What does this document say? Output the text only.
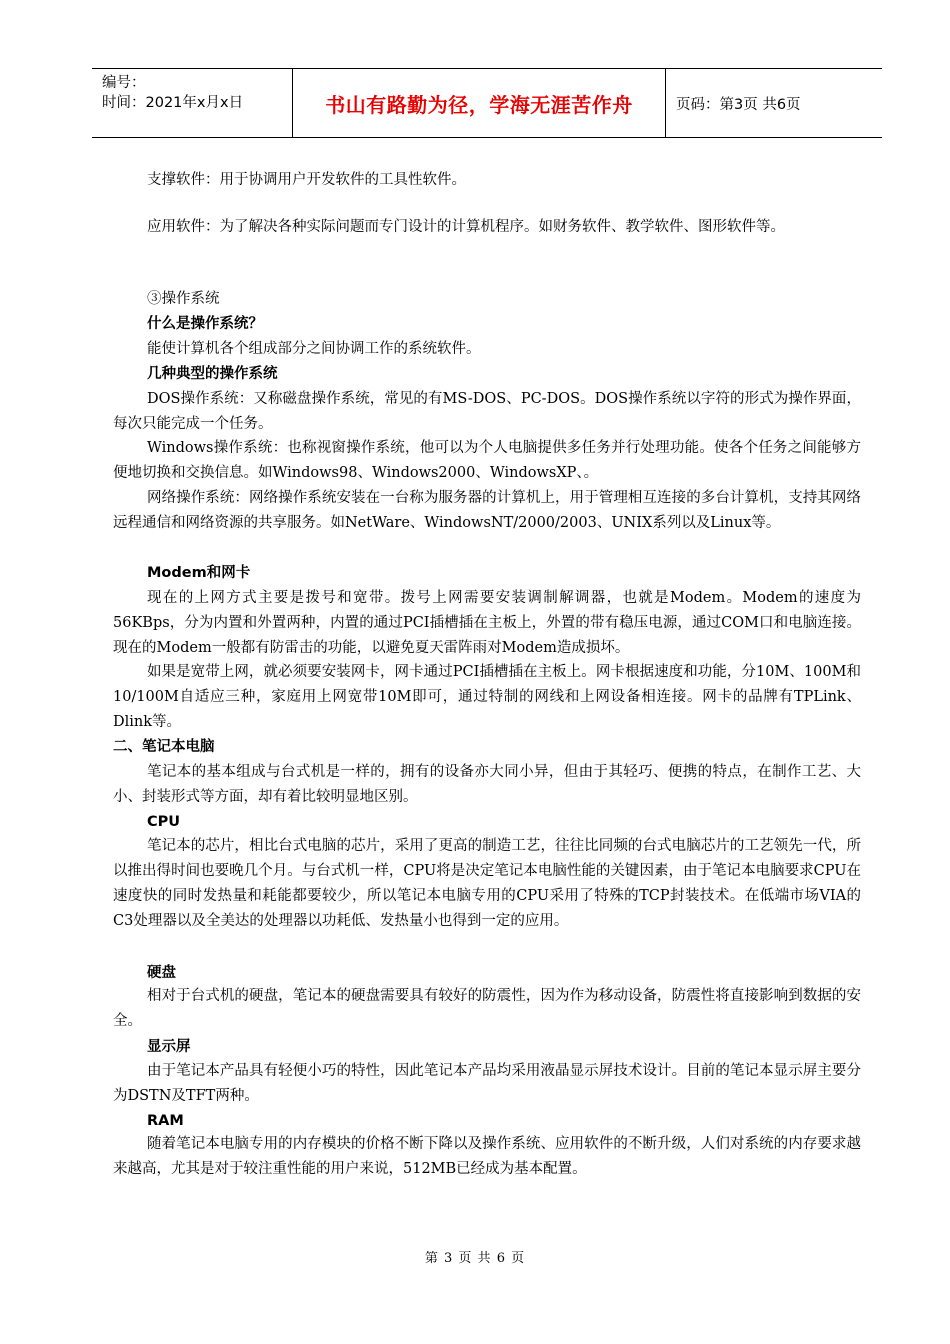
编号：
时间：2021年x月x日	书山有路勤为径，学海无涯苦作舟	页码：第3页 共6页
支撑软件：用于协调用户开发软件的工具性软件。
应用软件：为了解决各种实际问题而专门设计的计算机程序。如财务软件、教学软件、图形软件等。
③操作系统
什么是操作系统？
能使计算机各个组成部分之间协调工作的系统软件。
几种典型的操作系统
DOS操作系统：又称磁盘操作系统，常见的有MS-DOS、PC-DOS。DOS操作系统以字符的形式为操作界面，每次只能完成一个任务。
Windows操作系统：也称视窗操作系统，他可以为个人电脑提供多任务并行处理功能。使各个任务之间能够方便地切换和交换信息。如Windows98、Windows2000、WindowsXP、。
网络操作系统：网络操作系统安装在一台称为服务器的计算机上，用于管理相互连接的多台计算机，支持其网络远程通信和网络资源的共享服务。如NetWare、WindowsNT/2000/2003、UNIX系列以及Linux等。
Modem和网卡
现在的上网方式主要是拨号和宽带。拨号上网需要安装调制解调器，也就是Modem。Modem的速度为56KBps，分为内置和外置两种，内置的通过PCI插槽插在主板上，外置的带有稳压电源，通过COM口和电脑连接。现在的Modem一般都有防雷击的功能，以避免夏天雷阵雨对Modem造成损坏。
如果是宽带上网，就必须要安装网卡，网卡通过PCI插槽插在主板上。网卡根据速度和功能，分10M、100M和10/100M自适应三种，家庭用上网宽带10M即可，通过特制的网线和上网设备相连接。网卡的品牌有TPLink、Dlink等。
二、笔记本电脑
笔记本的基本组成与台式机是一样的，拥有的设备亦大同小异，但由于其轻巧、便携的特点，在制作工艺、大小、封装形式等方面，却有着比较明显地区别。
CPU
笔记本的芯片，相比台式电脑的芯片，采用了更高的制造工艺，往往比同频的台式电脑芯片的工艺领先一代，所以推出得时间也要晚几个月。与台式机一样，CPU将是决定笔记本电脑性能的关键因素，由于笔记本电脑要求CPU在速度快的同时发热量和耗能都要较少，所以笔记本电脑专用的CPU采用了特殊的TCP封装技术。在低端市场VIA的C3处理器以及全美达的处理器以功耗低、发热量小也得到一定的应用。
硬盘
相对于台式机的硬盘，笔记本的硬盘需要具有较好的防震性，因为作为移动设备，防震性将直接影响到数据的安全。
显示屏
由于笔记本产品具有轻便小巧的特性，因此笔记本产品均采用液晶显示屏技术设计。目前的笔记本显示屏主要分为DSTN及TFT两种。
RAM
随着笔记本电脑专用的内存模块的价格不断下降以及操作系统、应用软件的不断升级，人们对系统的内存要求越来越高，尤其是对于较注重性能的用户来说，512MB已经成为基本配置。
第 3 页 共 6 页
